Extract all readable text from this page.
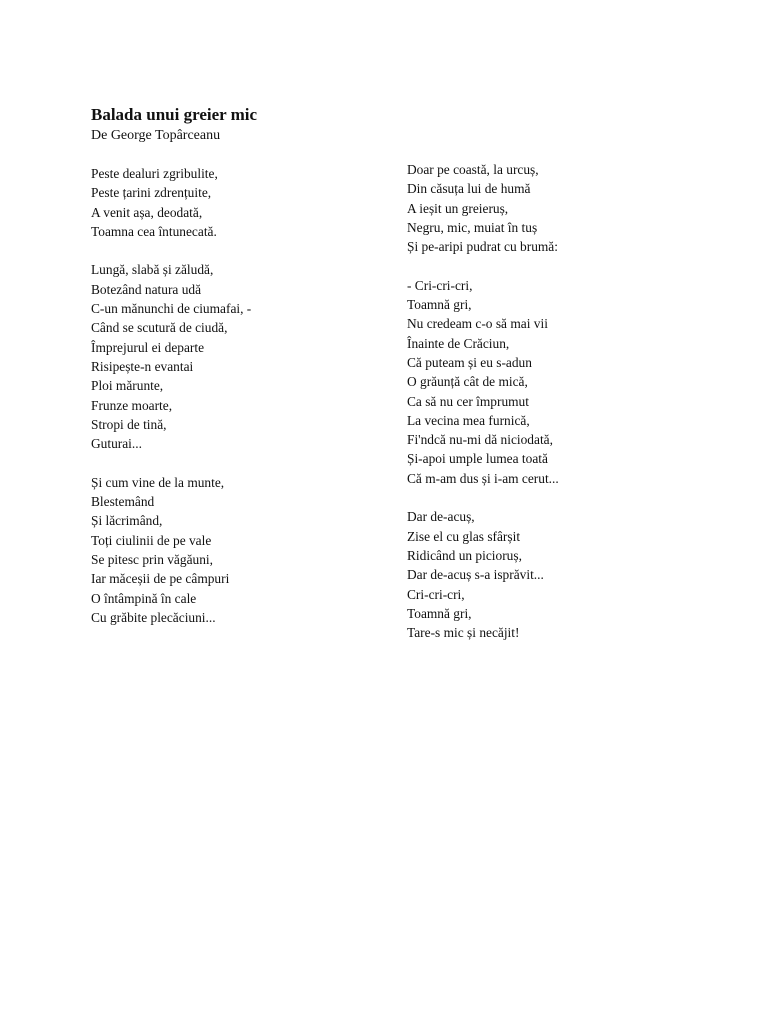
Balada unui greier mic
De George Topârceanu
Peste dealuri zgribulite,
Peste țarini zdrențuite,
A venit așa, deodată,
Toamna cea întunecată.
Lungă, slabă și zăludă,
Botezând natura udă
C-un mănunchi de ciumafai, -
Când se scutură de ciudă,
Împrejurul ei departe
Risipește-n evantai
Ploi mărunte,
Frunze moarte,
Stropi de tină,
Guturai...
Și cum vine de la munte,
Blestemând
Și lăcrimând,
Toți ciulinii de pe vale
Se pitesc prin văgăuni,
Iar măceșii de pe câmpuri
O întâmpină în cale
Cu grăbite plecăciuni...
Doar pe coastă, la urcuș,
Din căsuța lui de humă
A ieșit un greieruș,
Negru, mic, muiat în tuș
Și pe-aripi pudrat cu brumă:
- Cri-cri-cri,
Toamnă gri,
Nu credeam c-o să mai vii
Înainte de Crăciun,
Că puteam și eu s-adun
O grăunță cât de mică,
Ca să nu cer împrumut
La vecina mea furnică,
Fi'ndcă nu-mi dă niciodată,
Și-apoi umple lumea toată
Că m-am dus și i-am cerut...
Dar de-acuș,
Zise el cu glas sfârșit
Ridicând un picioruș,
Dar de-acuș s-a isprăvit...
Cri-cri-cri,
Toamnă gri,
Tare-s mic și necăjit!
